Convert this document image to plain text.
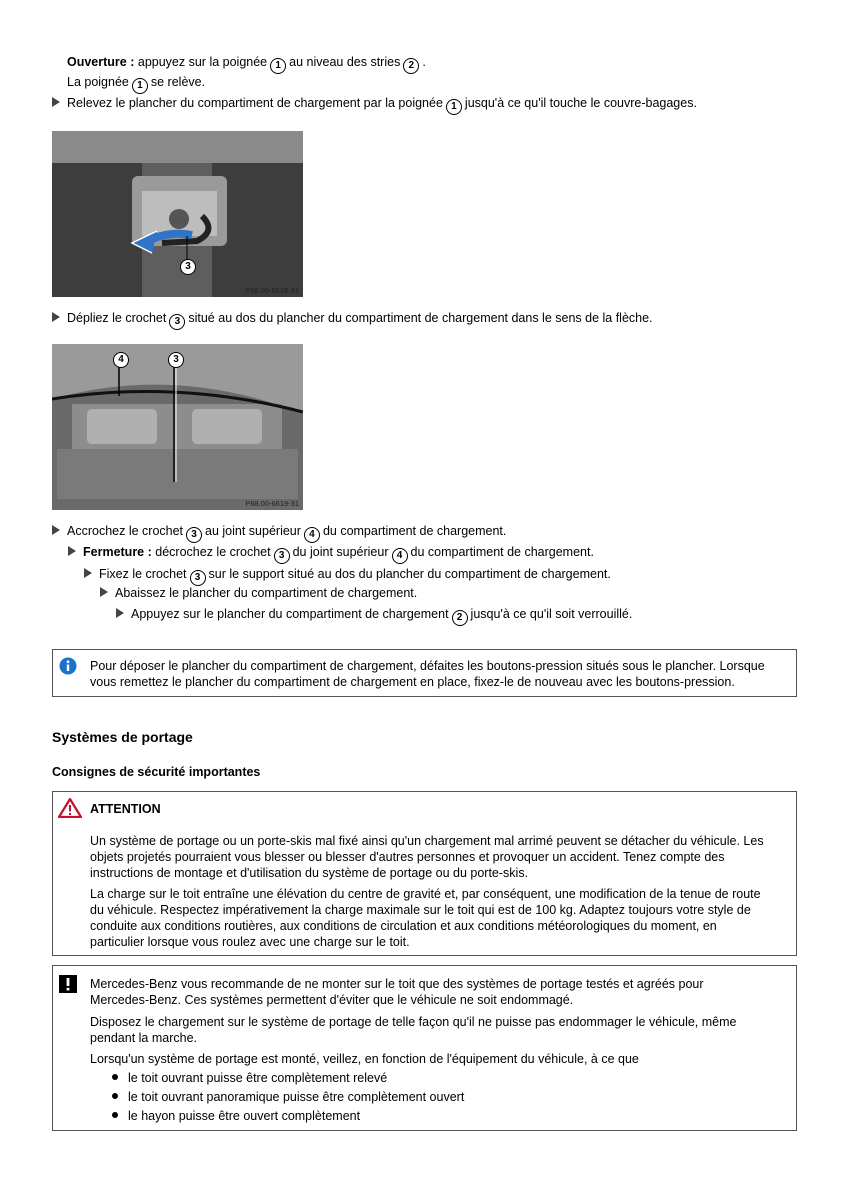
Ouverture : appuyez sur la poignée 1 au niveau des stries 2 .
La poignée 1 se relève.
Relevez le plancher du compartiment de chargement par la poignée 1 jusqu'à ce qu'il touche le couvre-bagages.
3
P68.00-6618-31
Dépliez le crochet 3 situé au dos du plancher du compartiment de chargement dans le sens de la flèche.
4	3
P68.00-6619-31
Accrochez le crochet 3 au joint supérieur 4 du compartiment de chargement.
Fermeture : décrochez le crochet 3 du joint supérieur 4 du compartiment de chargement.
Fixez le crochet 3 sur le support situé au dos du plancher du compartiment de chargement.
Abaissez le plancher du compartiment de chargement.
Appuyez sur le plancher du compartiment de chargement 2 jusqu'à ce qu'il soit verrouillé.
Pour déposer le plancher du compartiment de chargement, défaites les boutons-pression situés sous le plancher. Lorsque
vous remettez le plancher du compartiment de chargement en place, fixez-le de nouveau avec les boutons-pression.
Systèmes de portage
Consignes de sécurité importantes
ATTENTION
Un système de portage ou un porte-skis mal fixé ainsi qu'un chargement mal arrimé peuvent se détacher du véhicule. Les
objets projetés pourraient vous blesser ou blesser d'autres personnes et provoquer un accident. Tenez compte des
instructions de montage et d'utilisation du système de portage ou du porte-skis.
La charge sur le toit entraîne une élévation du centre de gravité et, par conséquent, une modification de la tenue de route
du véhicule. Respectez impérativement la charge maximale sur le toit qui est de 100 kg. Adaptez toujours votre style de
conduite aux conditions routières, aux conditions de circulation et aux conditions météorologiques du moment, en
particulier lorsque vous roulez avec une charge sur le toit.
Mercedes-Benz vous recommande de ne monter sur le toit que des systèmes de portage testés et agréés pour
Mercedes-Benz. Ces systèmes permettent d'éviter que le véhicule ne soit endommagé.
Disposez le chargement sur le système de portage de telle façon qu'il ne puisse pas endommager le véhicule, même
pendant la marche.
Lorsqu'un système de portage est monté, veillez, en fonction de l'équipement du véhicule, à ce que
le toit ouvrant puisse être complètement relevé
le toit ouvrant panoramique puisse être complètement ouvert
le hayon puisse être ouvert complètement
